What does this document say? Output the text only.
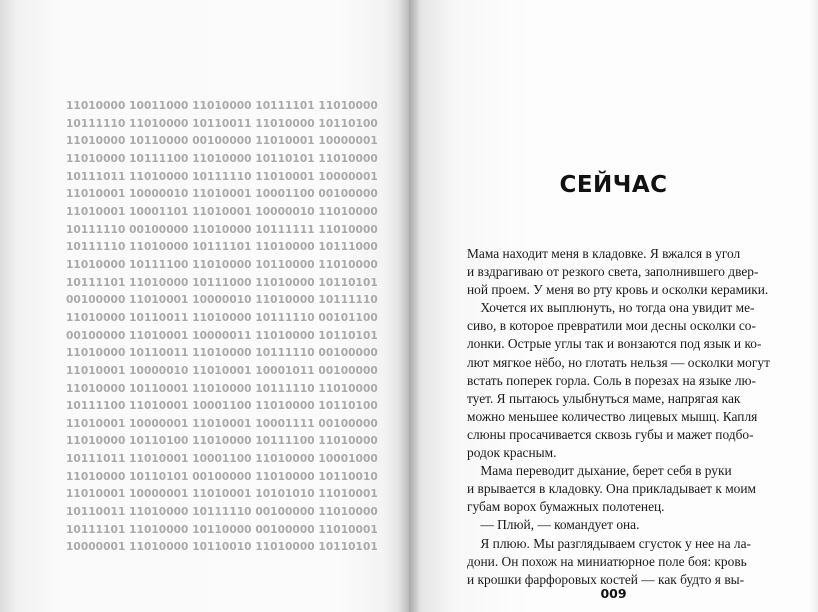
11010000 10011000 11010000 10111101 11010000
10111110 11010000 10110011 11010000 10110100
11010000 10110000 00100000 11010001 10000001
11010000 10111100 11010000 10110101 11010000
10111011 11010000 10111110 11010001 10000001
11010001 10000010 11010001 10001100 00100000
11010001 10001101 11010001 10000010 11010000
10111110 00100000 11010000 10111111 11010000
10111110 11010000 10111101 11010000 10111000
11010000 10111100 11010000 10110000 11010000
10111101 11010000 10111000 11010000 10110101
00100000 11010001 10000010 11010000 10111110
11010000 10110011 11010000 10111110 00101100
00100000 11010001 10000011 11010000 10110101
11010000 10110011 11010000 10111110 00100000
11010001 10000010 11010001 10001011 00100000
11010000 10110001 11010000 10111110 11010000
10111100 11010001 10001100 11010000 10110100
11010001 10000001 11010001 10001111 00100000
11010000 10110100 11010000 10111100 11010000
10111011 11010001 10001100 11010000 10001000
11010000 10110101 00100000 11010000 10110010
11010001 10000001 11010001 10101010 11010001
10110011 11010000 10111110 00100000 11010000
10111101 11010000 10110000 00100000 11010001
10000001 11010000 10110010 11010000 10110101
СЕЙЧАС
Мама находит меня в кладовке. Я вжался в угол
и вздрагиваю от резкого света, заполнившего двер-
ной проем. У меня во рту кровь и осколки керамики.
Хочется их выплюнуть, но тогда она увидит ме-
сиво, в которое превратили мои десны осколки со-
лонки. Острые углы так и вонзаются под язык и ко-
лют мягкое нёбо, но глотать нельзя — осколки могут
встать поперек горла. Соль в порезах на языке лю-
тует. Я пытаюсь улыбнуться маме, напрягая как
можно меньшее количество лицевых мышц. Капля
слюны просачивается сквозь губы и мажет подбо-
родок красным.
Мама переводит дыхание, берет себя в руки
и врывается в кладовку. Она прикладывает к моим
губам ворох бумажных полотенец.
— Плюй, — командует она.
Я плюю. Мы разглядываем сгусток у нее на ла-
дони. Он похож на миниатюрное поле боя: кровь
и крошки фарфоровых костей — как будто я вы-
009
